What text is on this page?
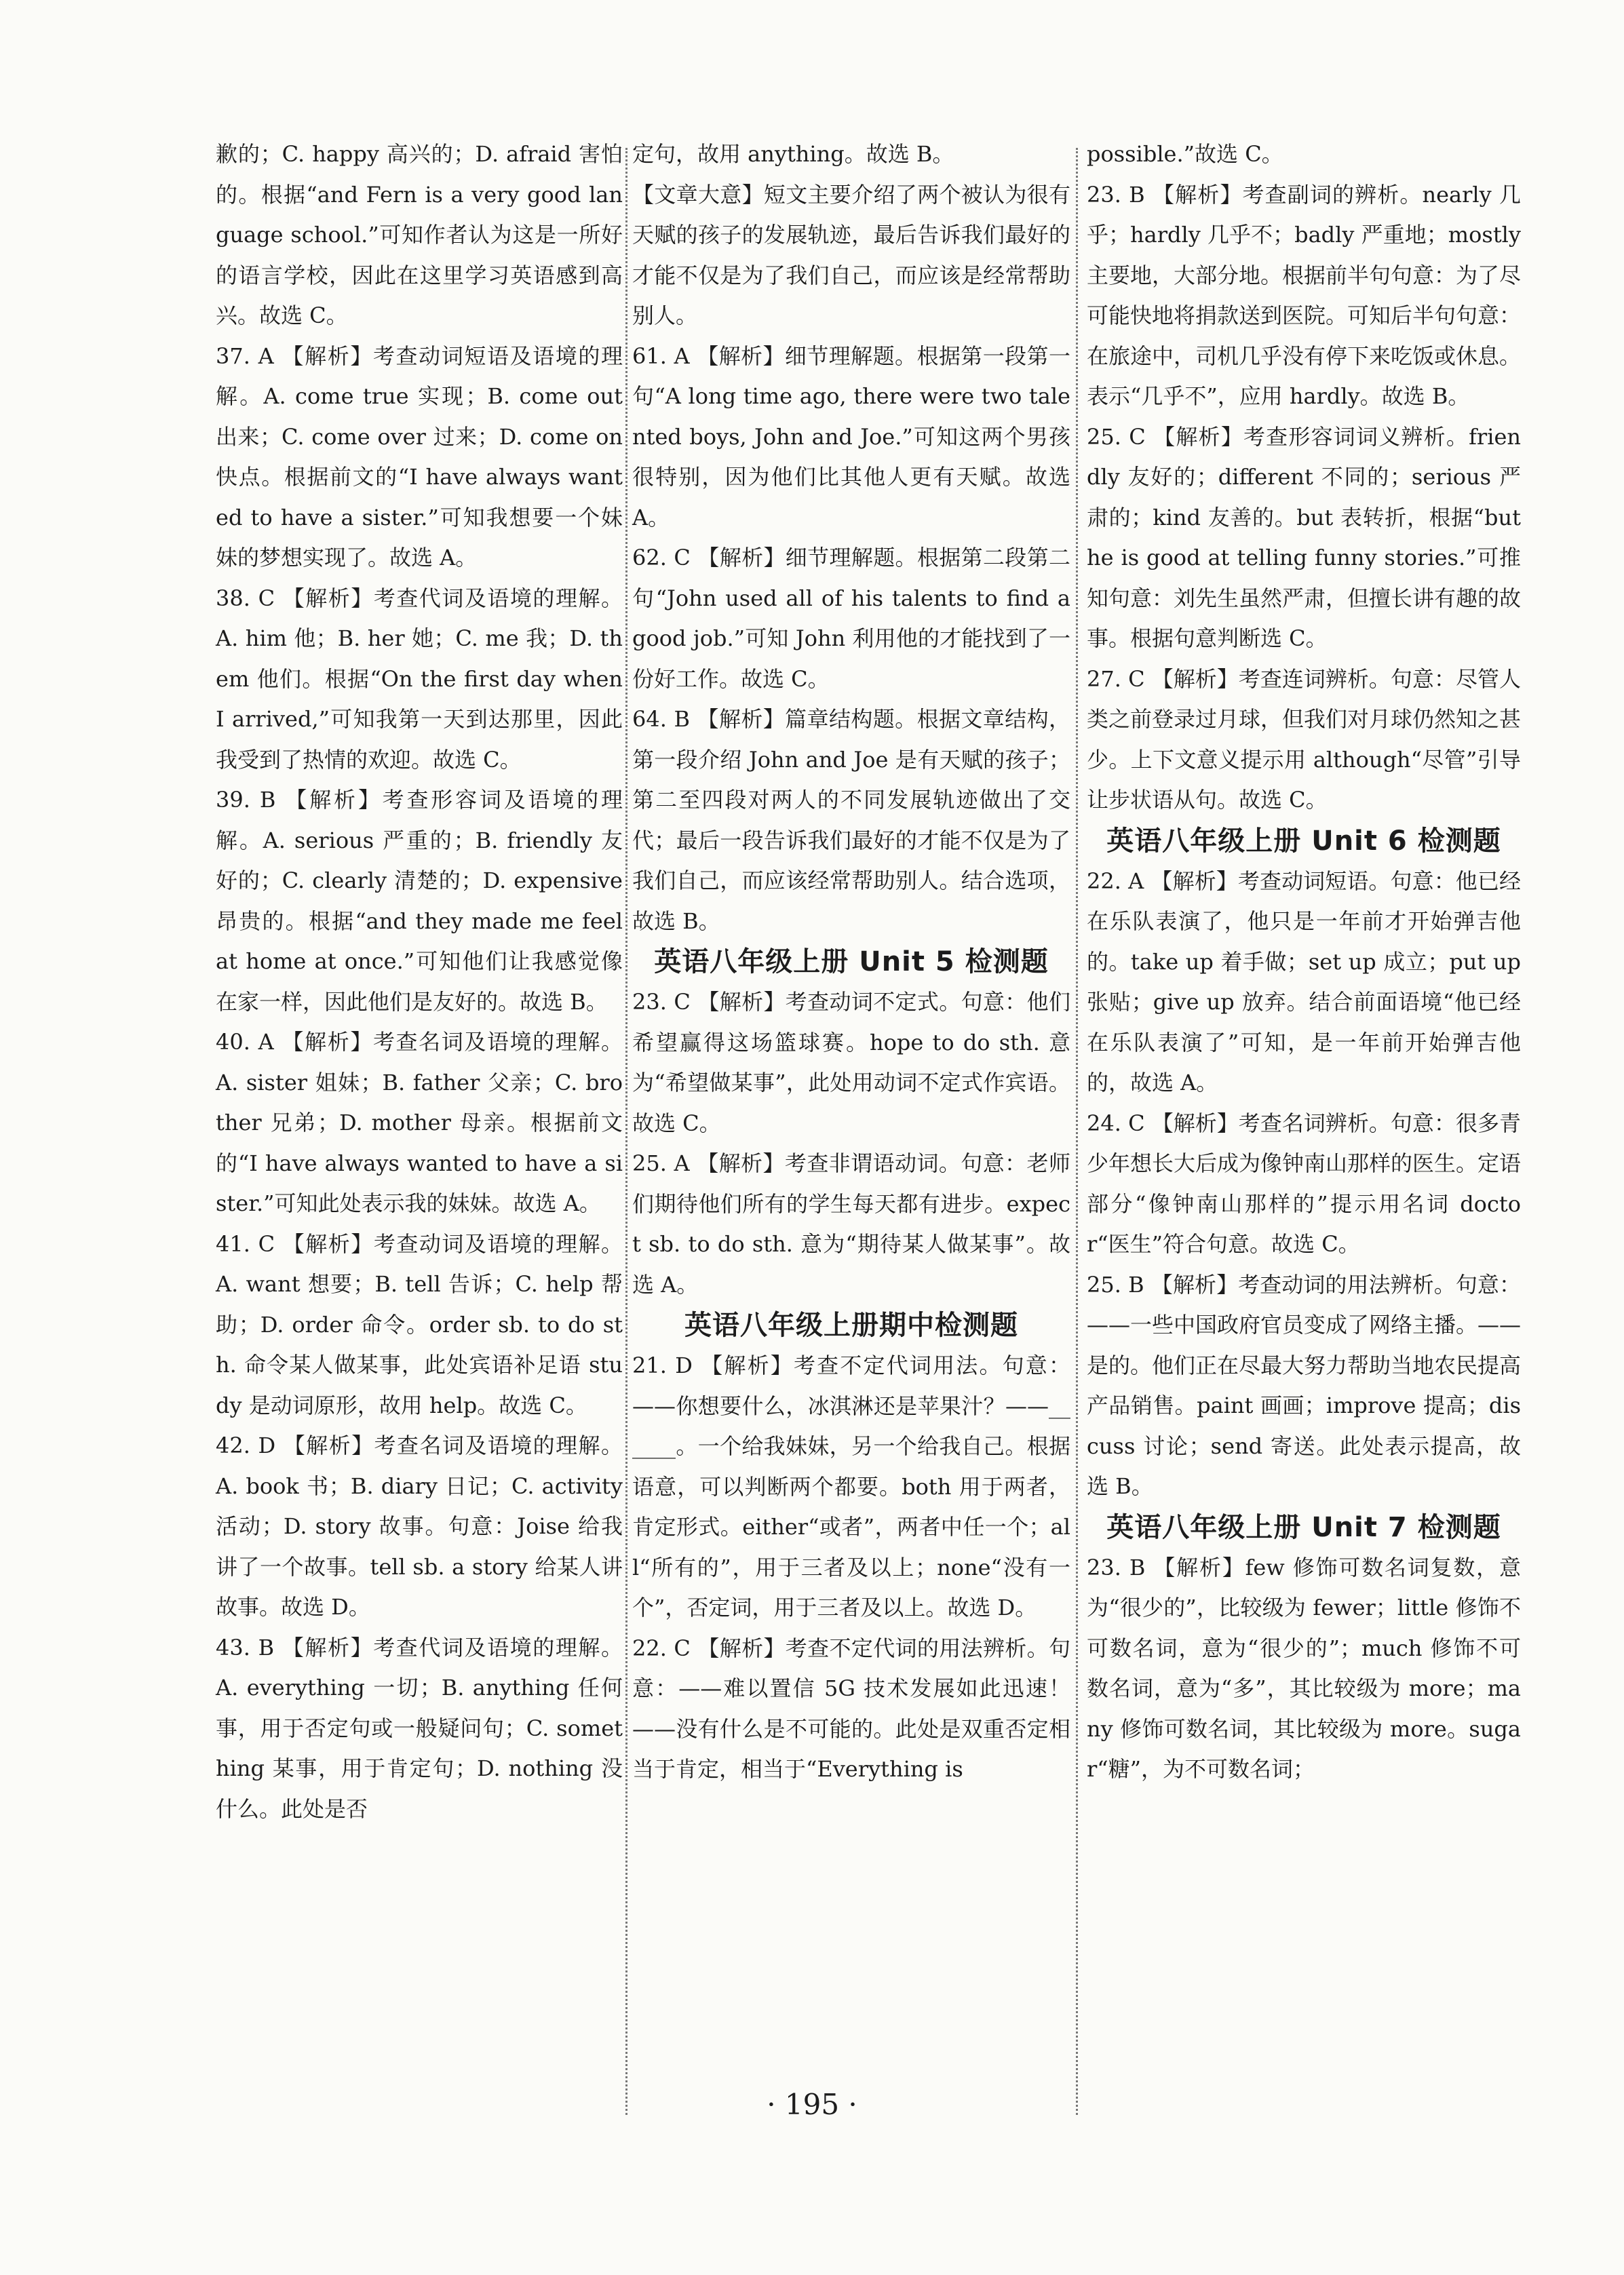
歉的；C. happy 高兴的；D. afraid 害怕的。根据“and Fern is a very good language school.”可知作者认为这是一所好的语言学校，因此在这里学习英语感到高兴。故选 C。

37. A 【解析】考查动词短语及语境的理解。A. come true 实现；B. come out 出来；C. come over 过来；D. come on 快点。根据前文的“I have always wanted to have a sister.”可知我想要一个妹妹的梦想实现了。故选 A。

38. C 【解析】考查代词及语境的理解。A. him 他；B. her 她；C. me 我；D. them 他们。根据“On the first day when I arrived,”可知我第一天到达那里，因此我受到了热情的欢迎。故选 C。

39. B 【解析】考查形容词及语境的理解。A. serious 严重的；B. friendly 友好的；C. clearly 清楚的；D. expensive 昂贵的。根据“and they made me feel at home at once.”可知他们让我感觉像在家一样，因此他们是友好的。故选 B。

40. A 【解析】考查名词及语境的理解。A. sister 姐妹；B. father 父亲；C. brother 兄弟；D. mother 母亲。根据前文的“I have always wanted to have a sister.”可知此处表示我的妹妹。故选 A。

41. C 【解析】考查动词及语境的理解。A. want 想要；B. tell 告诉；C. help 帮助；D. order 命令。order sb. to do sth. 命令某人做某事，此处宾语补足语 study 是动词原形，故用 help。故选 C。

42. D 【解析】考查名词及语境的理解。A. book 书；B. diary 日记；C. activity 活动；D. story 故事。句意：Joise 给我讲了一个故事。tell sb. a story 给某人讲故事。故选 D。

43. B 【解析】考查代词及语境的理解。A. everything 一切；B. anything 任何事，用于否定句或一般疑问句；C. something 某事，用于肯定句；D. nothing 没什么。此处是否

定句，故用 anything。故选 B。

【文章大意】短文主要介绍了两个被认为很有天赋的孩子的发展轨迹，最后告诉我们最好的才能不仅是为了我们自己，而应该是经常帮助别人。

61. A 【解析】细节理解题。根据第一段第一句“A long time ago, there were two talented boys, John and Joe.”可知这两个男孩很特别，因为他们比其他人更有天赋。故选 A。

62. C 【解析】细节理解题。根据第二段第二句“John used all of his talents to find a good job.”可知 John 利用他的才能找到了一份好工作。故选 C。

64. B 【解析】篇章结构题。根据文章结构，第一段介绍 John and Joe 是有天赋的孩子；第二至四段对两人的不同发展轨迹做出了交代；最后一段告诉我们最好的才能不仅是为了我们自己，而应该经常帮助别人。结合选项，故选 B。

英语八年级上册 Unit 5 检测题

23. C 【解析】考查动词不定式。句意：他们希望赢得这场篮球赛。hope to do sth. 意为“希望做某事”，此处用动词不定式作宾语。故选 C。

25. A 【解析】考查非谓语动词。句意：老师们期待他们所有的学生每天都有进步。expect sb. to do sth. 意为“期待某人做某事”。故选 A。

英语八年级上册期中检测题

21. D 【解析】考查不定代词用法。句意：——你想要什么，冰淇淋还是苹果汁？——______。一个给我妹妹，另一个给我自己。根据语意，可以判断两个都要。both 用于两者，肯定形式。either“或者”，两者中任一个；all“所有的”，用于三者及以上；none“没有一个”，否定词，用于三者及以上。故选 D。

22. C 【解析】考查不定代词的用法辨析。句意：——难以置信 5G 技术发展如此迅速！——没有什么是不可能的。此处是双重否定相当于肯定，相当于“Everything is

possible.”故选 C。

23. B 【解析】考查副词的辨析。nearly 几乎；hardly 几乎不；badly 严重地；mostly 主要地，大部分地。根据前半句句意：为了尽可能快地将捐款送到医院。可知后半句句意：在旅途中，司机几乎没有停下来吃饭或休息。表示“几乎不”，应用 hardly。故选 B。

25. C 【解析】考查形容词词义辨析。friendly 友好的；different 不同的；serious 严肃的；kind 友善的。but 表转折，根据“but he is good at telling funny stories.”可推知句意：刘先生虽然严肃，但擅长讲有趣的故事。根据句意判断选 C。

27. C 【解析】考查连词辨析。句意：尽管人类之前登录过月球，但我们对月球仍然知之甚少。上下文意义提示用 although“尽管”引导让步状语从句。故选 C。

英语八年级上册 Unit 6 检测题

22. A 【解析】考查动词短语。句意：他已经在乐队表演了，他只是一年前才开始弹吉他的。take up 着手做；set up 成立；put up 张贴；give up 放弃。结合前面语境“他已经在乐队表演了”可知，是一年前开始弹吉他的，故选 A。

24. C 【解析】考查名词辨析。句意：很多青少年想长大后成为像钟南山那样的医生。定语部分“像钟南山那样的”提示用名词 doctor“医生”符合句意。故选 C。

25. B 【解析】考查动词的用法辨析。句意：——一些中国政府官员变成了网络主播。——是的。他们正在尽最大努力帮助当地农民提高产品销售。paint 画画；improve 提高；discuss 讨论；send 寄送。此处表示提高，故选 B。

英语八年级上册 Unit 7 检测题

23. B 【解析】few 修饰可数名词复数，意为“很少的”，比较级为 fewer；little 修饰不可数名词，意为“很少的”；much 修饰不可数名词，意为“多”，其比较级为 more；many 修饰可数名词，其比较级为 more。sugar“糖”，为不可数名词；

· 195 ·
